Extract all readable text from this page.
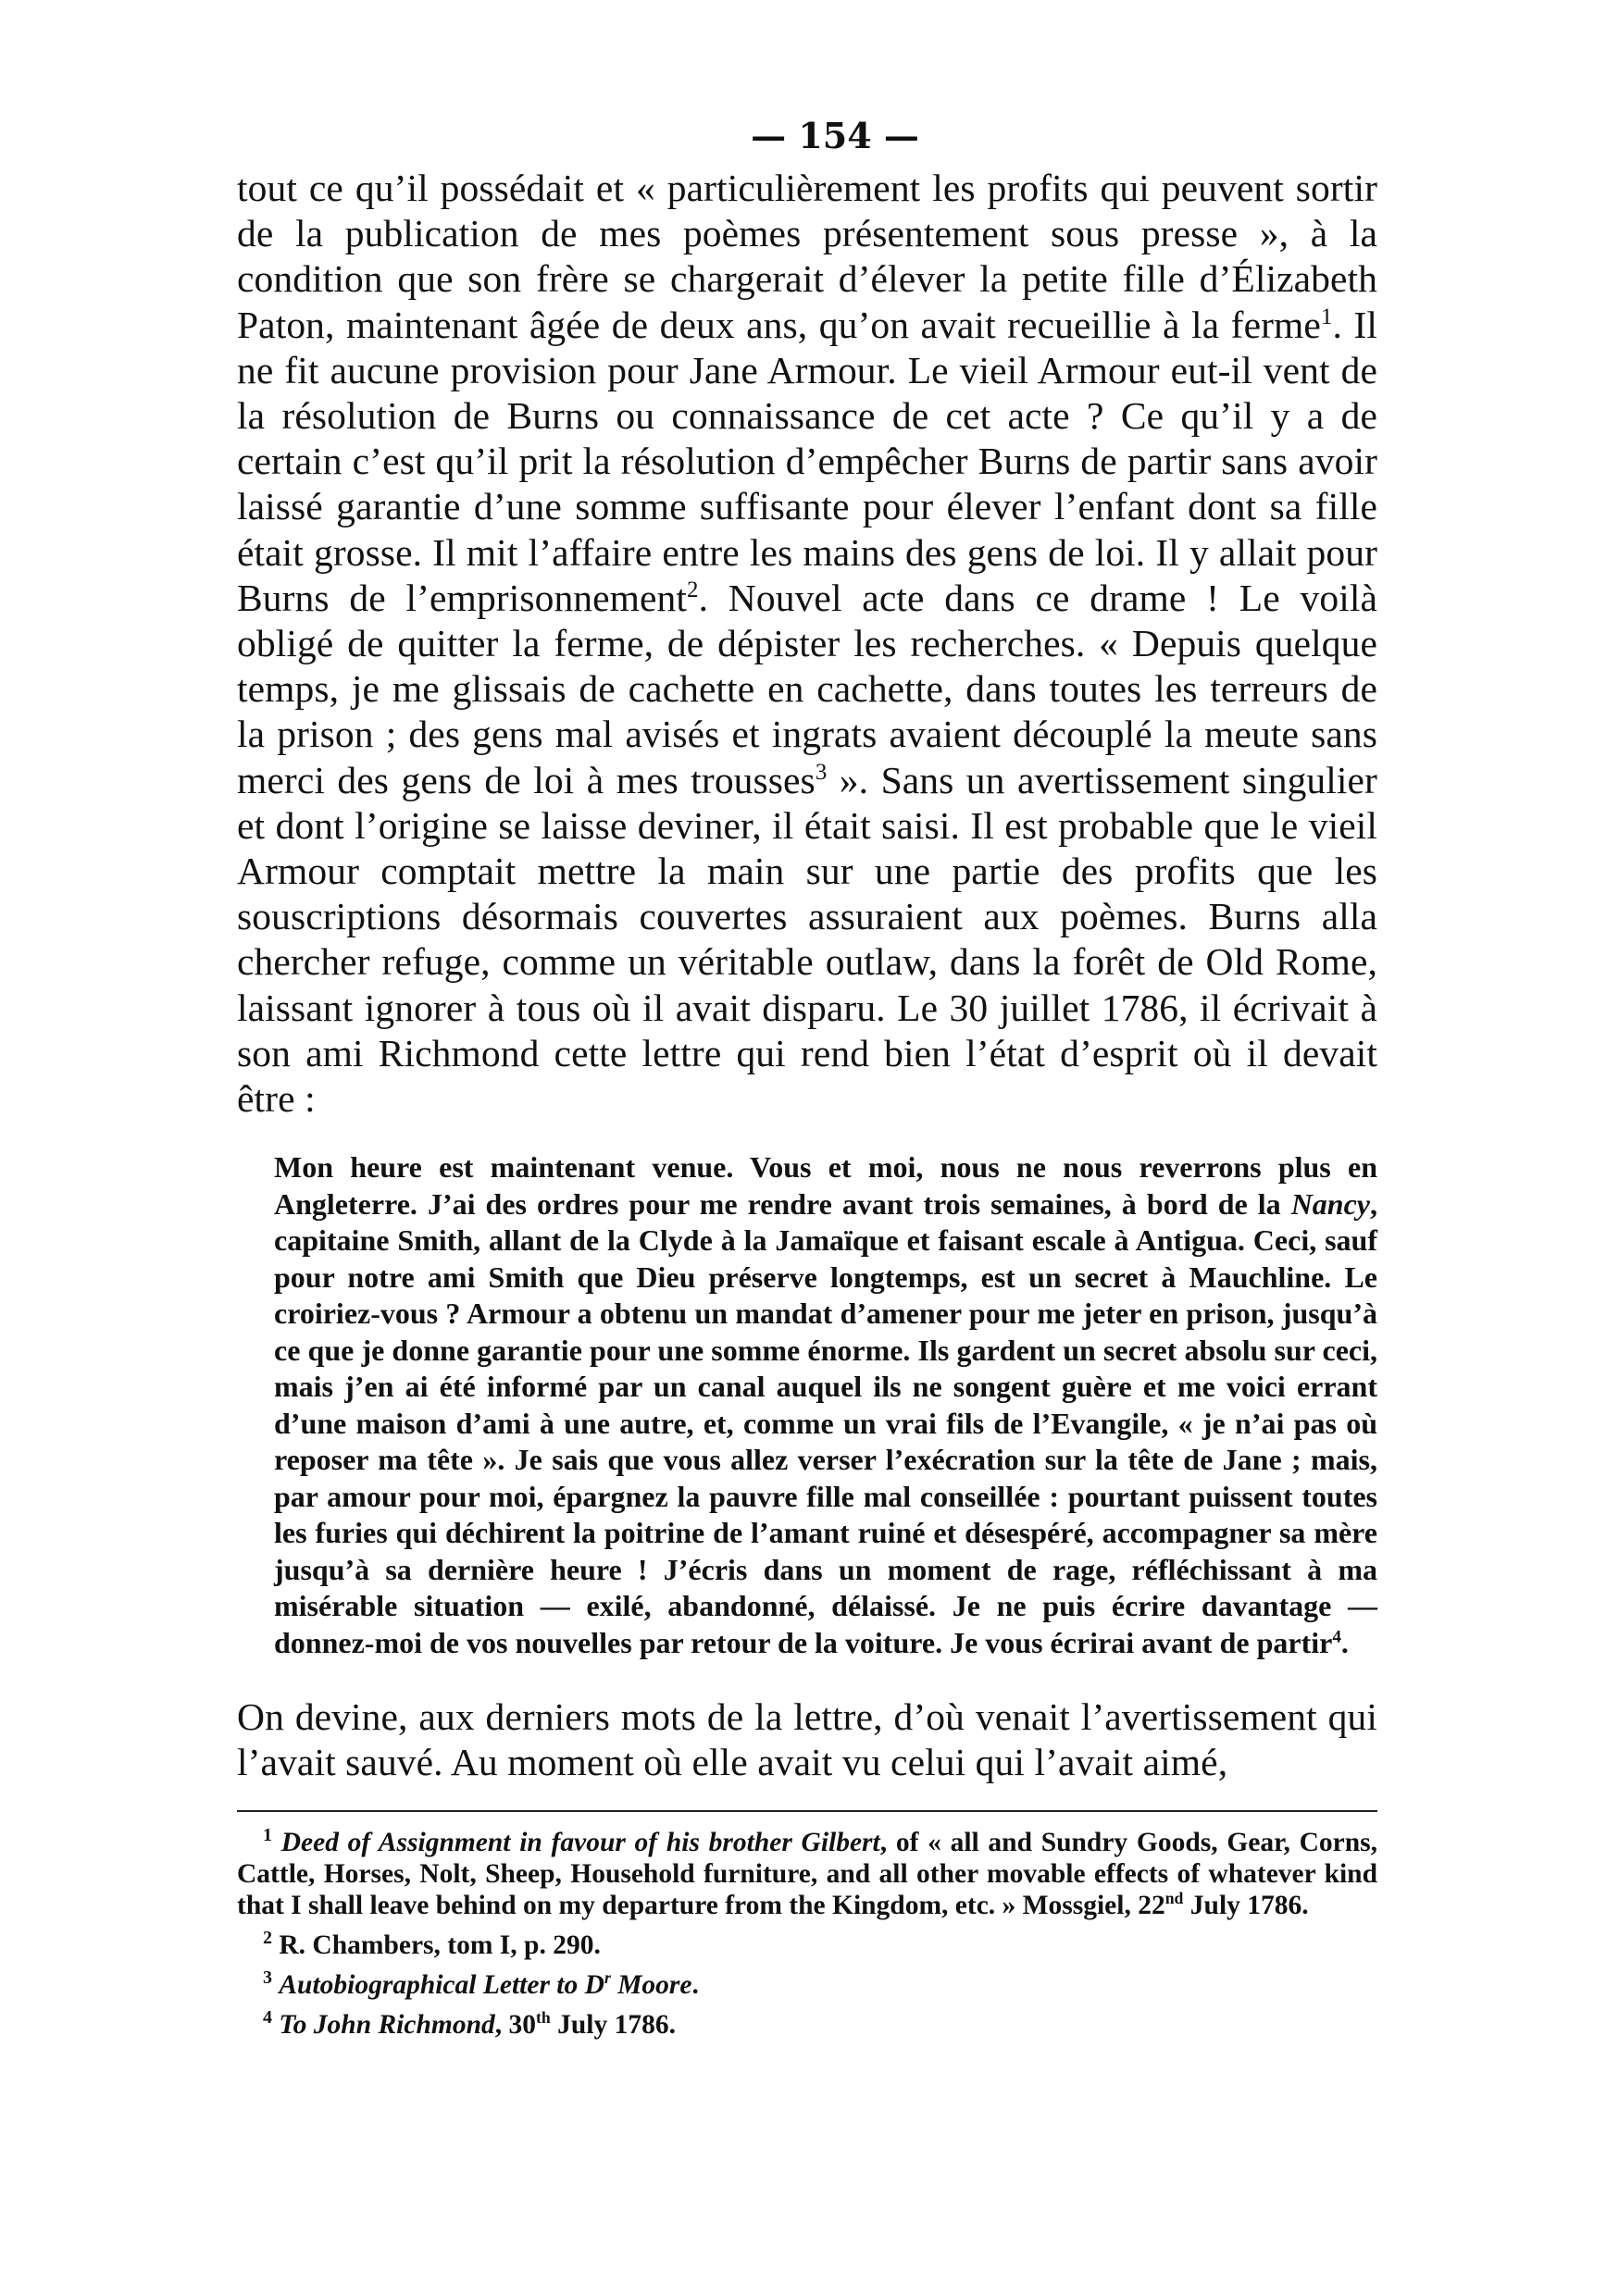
— 154 —

tout ce qu’il possédait et « particulièrement les profits qui peuvent sortir de la publication de mes poèmes présentement sous presse », à la condition que son frère se chargerait d’élever la petite fille d’Élizabeth Paton, maintenant âgée de deux ans, qu’on avait recueillie à la ferme$^1$. Il ne fit aucune provision pour Jane Armour. Le vieil Armour eut-il vent de la résolution de Burns ou connaissance de cet acte ? Ce qu’il y a de certain c’est qu’il prit la résolution d’empêcher Burns de partir sans avoir laissé garantie d’une somme suffisante pour élever l’enfant dont sa fille était grosse. Il mit l’affaire entre les mains des gens de loi. Il y allait pour Burns de l’emprisonnement$^2$. Nouvel acte dans ce drame ! Le voilà obligé de quitter la ferme, de dépister les recherches. « Depuis quelque temps, je me glissais de cachette en cachette, dans toutes les terreurs de la prison ; des gens mal avisés et ingrats avaient découplé la meute sans merci des gens de loi à mes trousses$^3$ ». Sans un avertissement singulier et dont l’origine se laisse deviner, il était saisi. Il est probable que le vieil Armour comptait mettre la main sur une partie des profits que les souscriptions désormais couvertes assuraient aux poèmes. Burns alla chercher refuge, comme un véritable outlaw, dans la forêt de Old Rome, laissant ignorer à tous où il avait disparu. Le 30 juillet 1786, il écrivait à son ami Richmond cette lettre qui rend bien l’état d’esprit où il devait être :

Mon heure est maintenant venue. Vous et moi, nous ne nous reverrons plus en Angleterre. J’ai des ordres pour me rendre avant trois semaines, à bord de la Nancy, capitaine Smith, allant de la Clyde à la Jamaïque et faisant escale à Antigua. Ceci, sauf pour notre ami Smith que Dieu préserve longtemps, est un secret à Mauchline. Le croiriez-vous ? Armour a obtenu un mandat d’amener pour me jeter en prison, jusqu’à ce que je donne garantie pour une somme énorme. Ils gardent un secret absolu sur ceci, mais j’en ai été informé par un canal auquel ils ne songent guère et me voici errant d’une maison d’ami à une autre, et, comme un vrai fils de l’Evangile, « je n’ai pas où reposer ma tête ». Je sais que vous allez verser l’exécration sur la tête de Jane ; mais, par amour pour moi, épargnez la pauvre fille mal conseillée : pourtant puissent toutes les furies qui déchirent la poitrine de l’amant ruiné et désespéré, accompagner sa mère jusqu’à sa dernière heure ! J’écris dans un moment de rage, réfléchissant à ma misérable situation — exilé, abandonné, délaissé. Je ne puis écrire davantage — donnez-moi de vos nouvelles par retour de la voiture. Je vous écrirai avant de partir$^4$.

On devine, aux derniers mots de la lettre, d’où venait l’avertissement qui l’avait sauvé. Au moment où elle avait vu celui qui l’avait aimé,

$^1$ Deed of Assignment in favour of his brother Gilbert, of « all and Sundry Goods, Gear, Corns, Cattle, Horses, Nolt, Sheep, Household furniture, and all other movable effects of whatever kind that I shall leave behind on my departure from the Kingdom, etc. » Mossgiel, 22nd July 1786.

$^2$ R. Chambers, tom I, p. 290.

$^3$ Autobiographical Letter to $D^r$ Moore.

$^4$ To John Richmond, 30th July 1786.
